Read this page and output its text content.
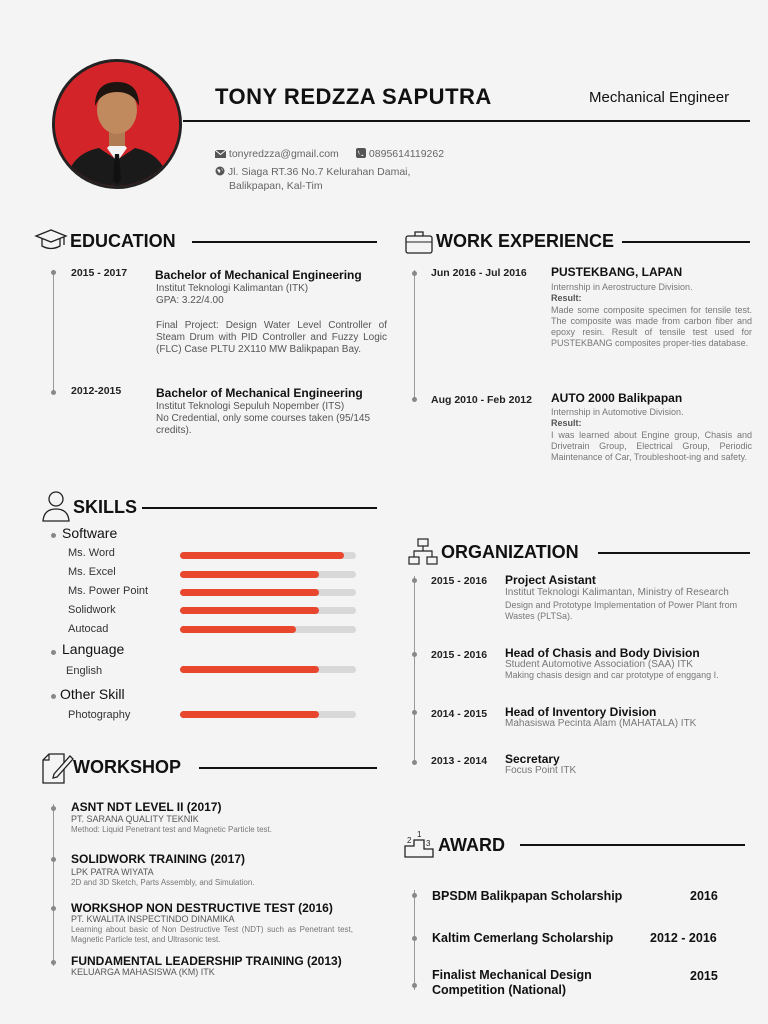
TONY REDZZA SAPUTRA	Mechanical Engineer
tonyredzza@gmail.com	0895614119262
Jl. Siaga RT.36 No.7 Kelurahan Damai,
Balikpapan, Kal-Tim
EDUCATION
2015 - 2017 Bachelor of Mechanical Engineering
Institut Teknologi Kalimantan (ITK)
GPA: 3.22/4.00
Final Project: Design Water Level Controller of Steam Drum with PID Controller and Fuzzy Logic (FLC) Case PLTU 2X110 MW Balikpapan Bay.
2012-2015	Bachelor of Mechanical Engineering
Institut Teknologi Sepuluh Nopember (ITS)
No Credential, only some courses taken (95/145 credits).
WORK EXPERIENCE
Jun 2016 - Jul 2016 PUSTEKBANG, LAPAN
Internship in Aerostructure Division.
Result:
Made some composite specimen for tensile test. The composite was made from carbon fiber and epoxy resin. Result of tensile test used for PUSTEKBANG composites proper-ties database.
Aug 2010 - Feb 2012 AUTO 2000 Balikpapan
Internship in Automotive Division.
Result:
I was learned about Engine group, Chasis and Drivetrain Group, Electrical Group, Periodic Maintenance of Car, Troubleshoot-ing and safety.
SKILLS
Software
Ms. Word
Ms. Excel
Ms. Power Point
Solidwork
Autocad
Language
English
Other Skill
Photography
ORGANIZATION
2015 - 2016 Project Asistant
Institut Teknologi Kalimantan, Ministry of Research
Design and Prototype Implementation of Power Plant from Wastes (PLTSa).
2015 - 2016 Head of Chasis and Body Division
Student Automotive Association (SAA) ITK
Making chasis design and car prototype of enggang I.
2014 - 2015 Head of Inventory Division
Mahasiswa Pecinta Alam (MAHATALA) ITK
2013 - 2014 Secretary
Focus Point ITK
WORKSHOP
ASNT NDT LEVEL II (2017)
PT. SARANA QUALITY TEKNIK
Method: Liquid Penetrant test and Magnetic Particle test.
SOLIDWORK TRAINING (2017)
LPK PATRA WIYATA
2D and 3D Sketch, Parts Assembly, and Simulation.
WORKSHOP NON DESTRUCTIVE TEST (2016)
PT. KWALITA INSPECTINDO DINAMIKA
Learning about basic of Non Destructive Test (NDT) such as Penetrant test, Magnetic Particle test, and Ultrasonic test.
FUNDAMENTAL LEADERSHIP TRAINING (2013)
KELUARGA MAHASISWA (KM) ITK
2
1
3 AWARD
BPSDM Balikpapan Scholarship	2016
Kaltim Cemerlang Scholarship	2012 - 2016
Finalist Mechanical Design
Competition (National)
2015
